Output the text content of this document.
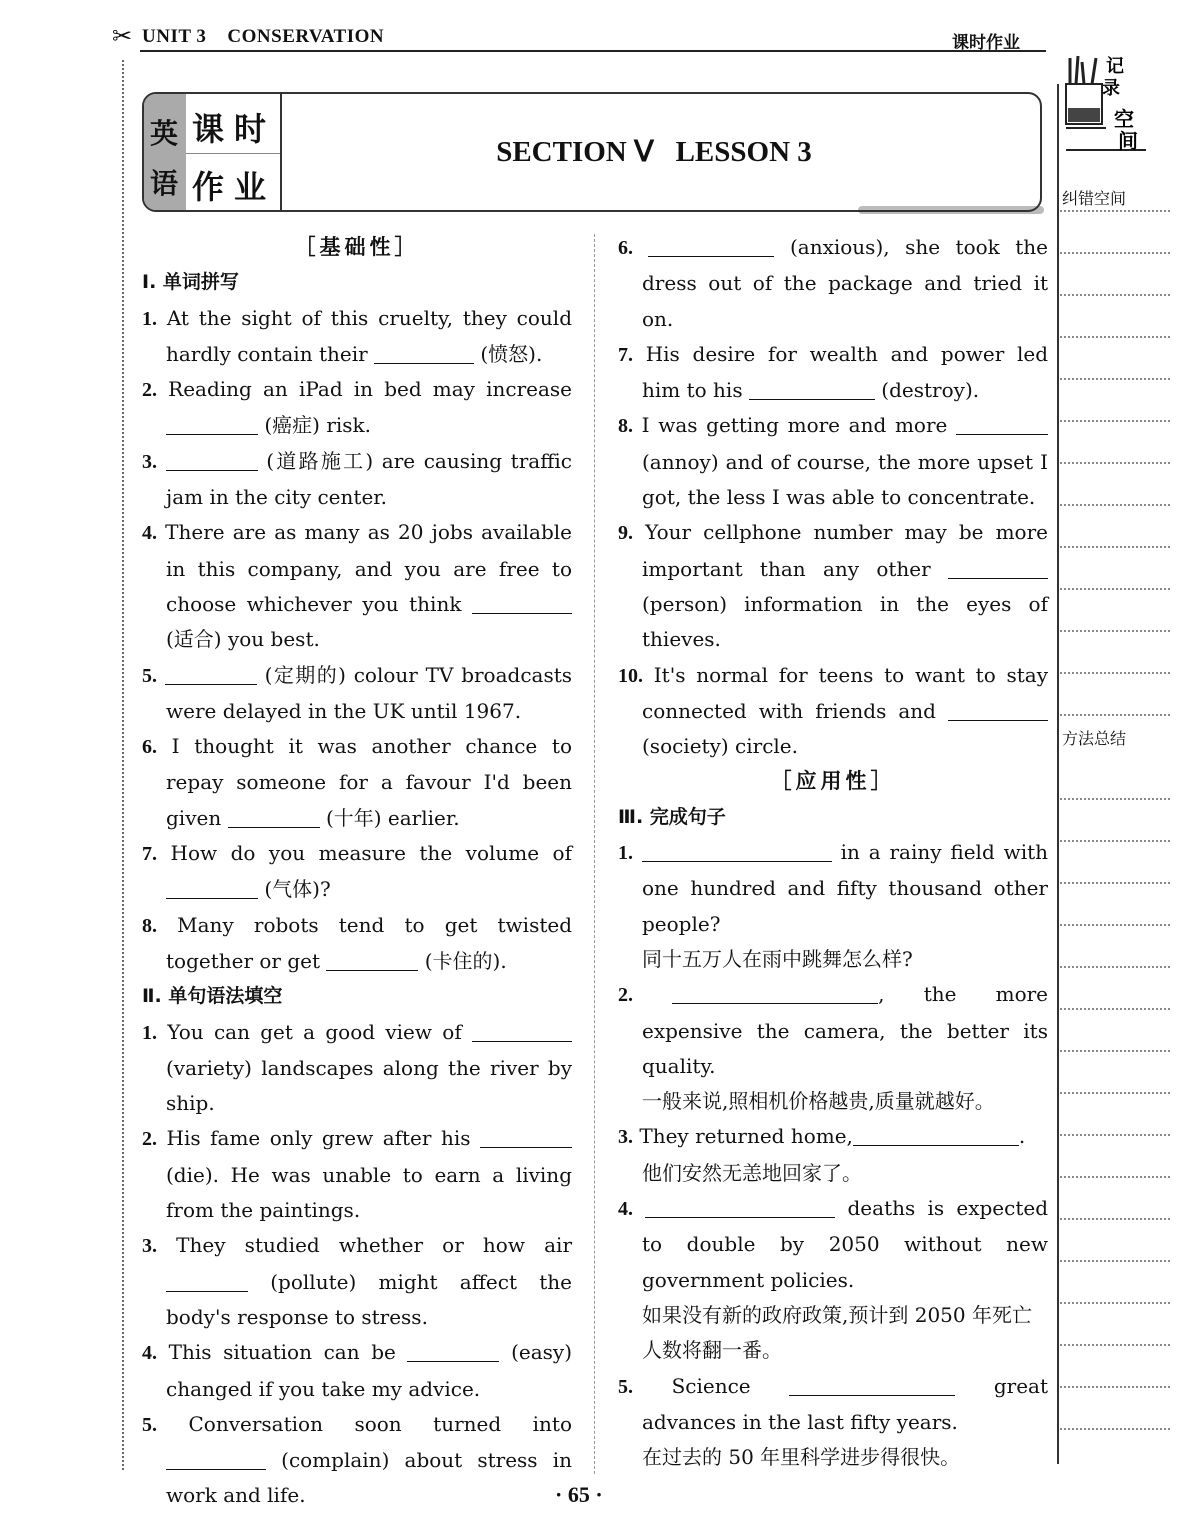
✂ UNIT 3 CONSERVATION	课时作业
英
语
课时
作业
SECTION Ⅴ   LESSON 3
记
录
空
间
纠错空间
方法总结

［基础性］

Ⅰ. 单词拼写

1. At the sight of this cruelty, they could hardly contain their	(愤怒).

2. Reading an iPad in bed may increase  (癌症) risk.

3.	(道路施工) are causing traffic jam in the city center.

4. There are as many as 20 jobs available in this company, and you are free to choose whichever you think  (适合) you best.

5.	(定期的) colour TV broadcasts were delayed in the UK until 1967.

6. I thought it was another chance to repay someone for a favour I'd been given	(十年) earlier.

7. How do you measure the volume of  (气体)?

8. Many robots tend to get twisted together or get	(卡住的).

Ⅱ. 单句语法填空

1. You can get a good view of  (variety) landscapes along the river by ship.

2. His fame only grew after his  (die). He was unable to earn a living from the paintings.

3. They studied whether or how air  (pollute) might affect the body's response to stress.

4. This situation can be	(easy) changed if you take my advice.

5. Conversation soon turned into  (complain) about stress in work and life.

6.	(anxious), she took the dress out of the package and tried it on.

7. His desire for wealth and power led him to his	(destroy).

8. I was getting more and more  (annoy) and of course, the more upset I got, the less I was able to concentrate.

9. Your cellphone number may be more important than any other  (person) information in the eyes of thieves.

10. It's normal for teens to want to stay connected with friends and  (society) circle.

［应用性］

Ⅲ. 完成句子

1.	in a rainy field with one hundred and fifty thousand other people?

同十五万人在雨中跳舞怎么样?

2.	, the more expensive the camera, the better its quality.

一般来说,照相机价格越贵,质量就越好。

3. They returned home,	.

他们安然无恙地回家了。

4.	deaths is expected to double by 2050 without new government policies.

如果没有新的政府政策,预计到 2050 年死亡人数将翻一番。

5. Science	great advances in the last fifty years.

在过去的 50 年里科学进步得很快。

· 65 ·
